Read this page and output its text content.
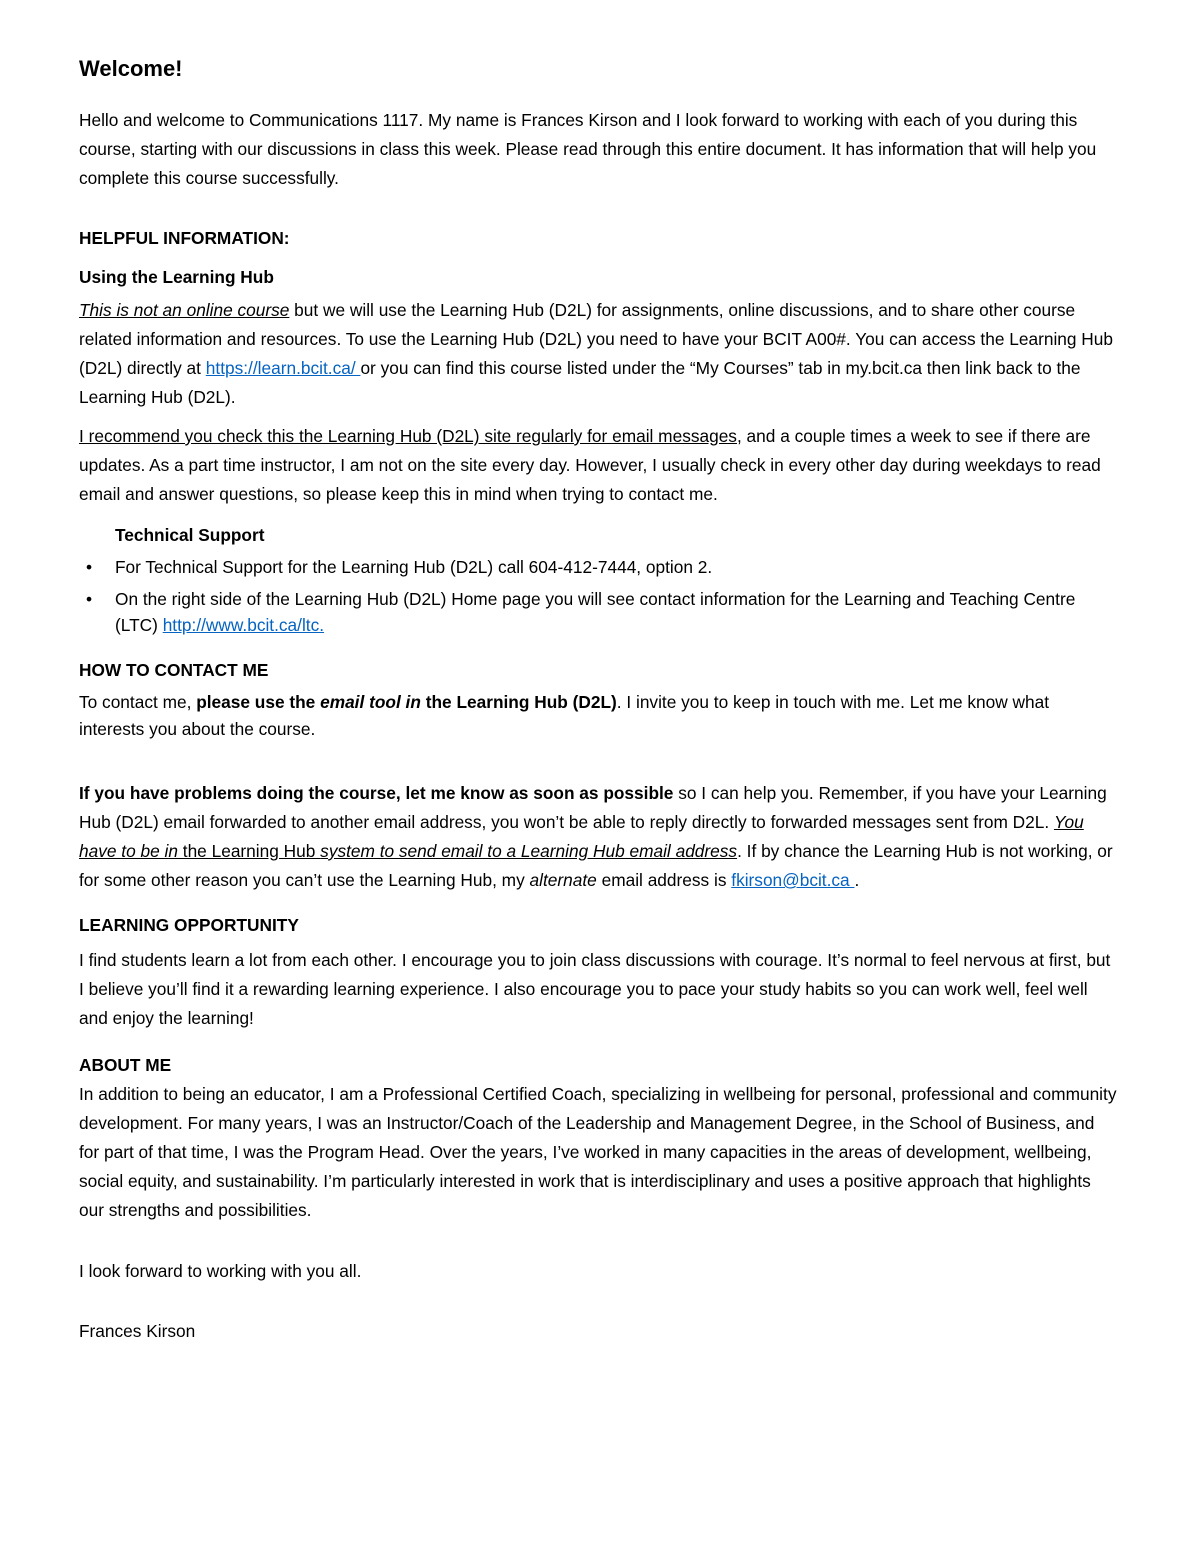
Welcome!

Hello and welcome to Communications 1117. My name is Frances Kirson and I look forward to working with each of you during this course, starting with our discussions in class this week. Please read through this entire document. It has information that will help you complete this course successfully.

HELPFUL INFORMATION:

Using the Learning Hub

This is not an online course but we will use the Learning Hub (D2L) for assignments, online discussions, and to share other course related information and resources. To use the Learning Hub (D2L) you need to have your BCIT A00#. You can access the Learning Hub (D2L) directly at https://learn.bcit.ca/ or you can find this course listed under the “My Courses” tab in my.bcit.ca then link back to the Learning Hub (D2L).

I recommend you check this the Learning Hub (D2L) site regularly for email messages, and a couple times a week to see if there are updates. As a part time instructor, I am not on the site every day. However, I usually check in every other day during weekdays to read email and answer questions, so please keep this in mind when trying to contact me.

Technical Support

•	For Technical Support for the Learning Hub (D2L) call 604-412-7444, option 2.
•	On the right side of the Learning Hub (D2L) Home page you will see contact information for the Learning and Teaching Centre (LTC) http://www.bcit.ca/ltc.

HOW TO CONTACT ME

To contact me, please use the email tool in the Learning Hub (D2L). I invite you to keep in touch with me. Let me know what interests you about the course.

If you have problems doing the course, let me know as soon as possible so I can help you. Remember, if you have your Learning Hub (D2L) email forwarded to another email address, you won’t be able to reply directly to forwarded messages sent from D2L. You have to be in the Learning Hub system to send email to a Learning Hub email address. If by chance the Learning Hub is not working, or for some other reason you can’t use the Learning Hub, my alternate email address is fkirson@bcit.ca .

LEARNING OPPORTUNITY

I find students learn a lot from each other. I encourage you to join class discussions with courage. It’s normal to feel nervous at first, but I believe you’ll find it a rewarding learning experience. I also encourage you to pace your study habits so you can work well, feel well and enjoy the learning!

ABOUT ME

In addition to being an educator, I am a Professional Certified Coach, specializing in wellbeing for personal, professional and community development. For many years, I was an Instructor/Coach of the Leadership and Management Degree, in the School of Business, and for part of that time, I was the Program Head. Over the years, I’ve worked in many capacities in the areas of development, wellbeing, social equity, and sustainability. I’m particularly interested in work that is interdisciplinary and uses a positive approach that highlights our strengths and possibilities.

I look forward to working with you all.

Frances Kirson
